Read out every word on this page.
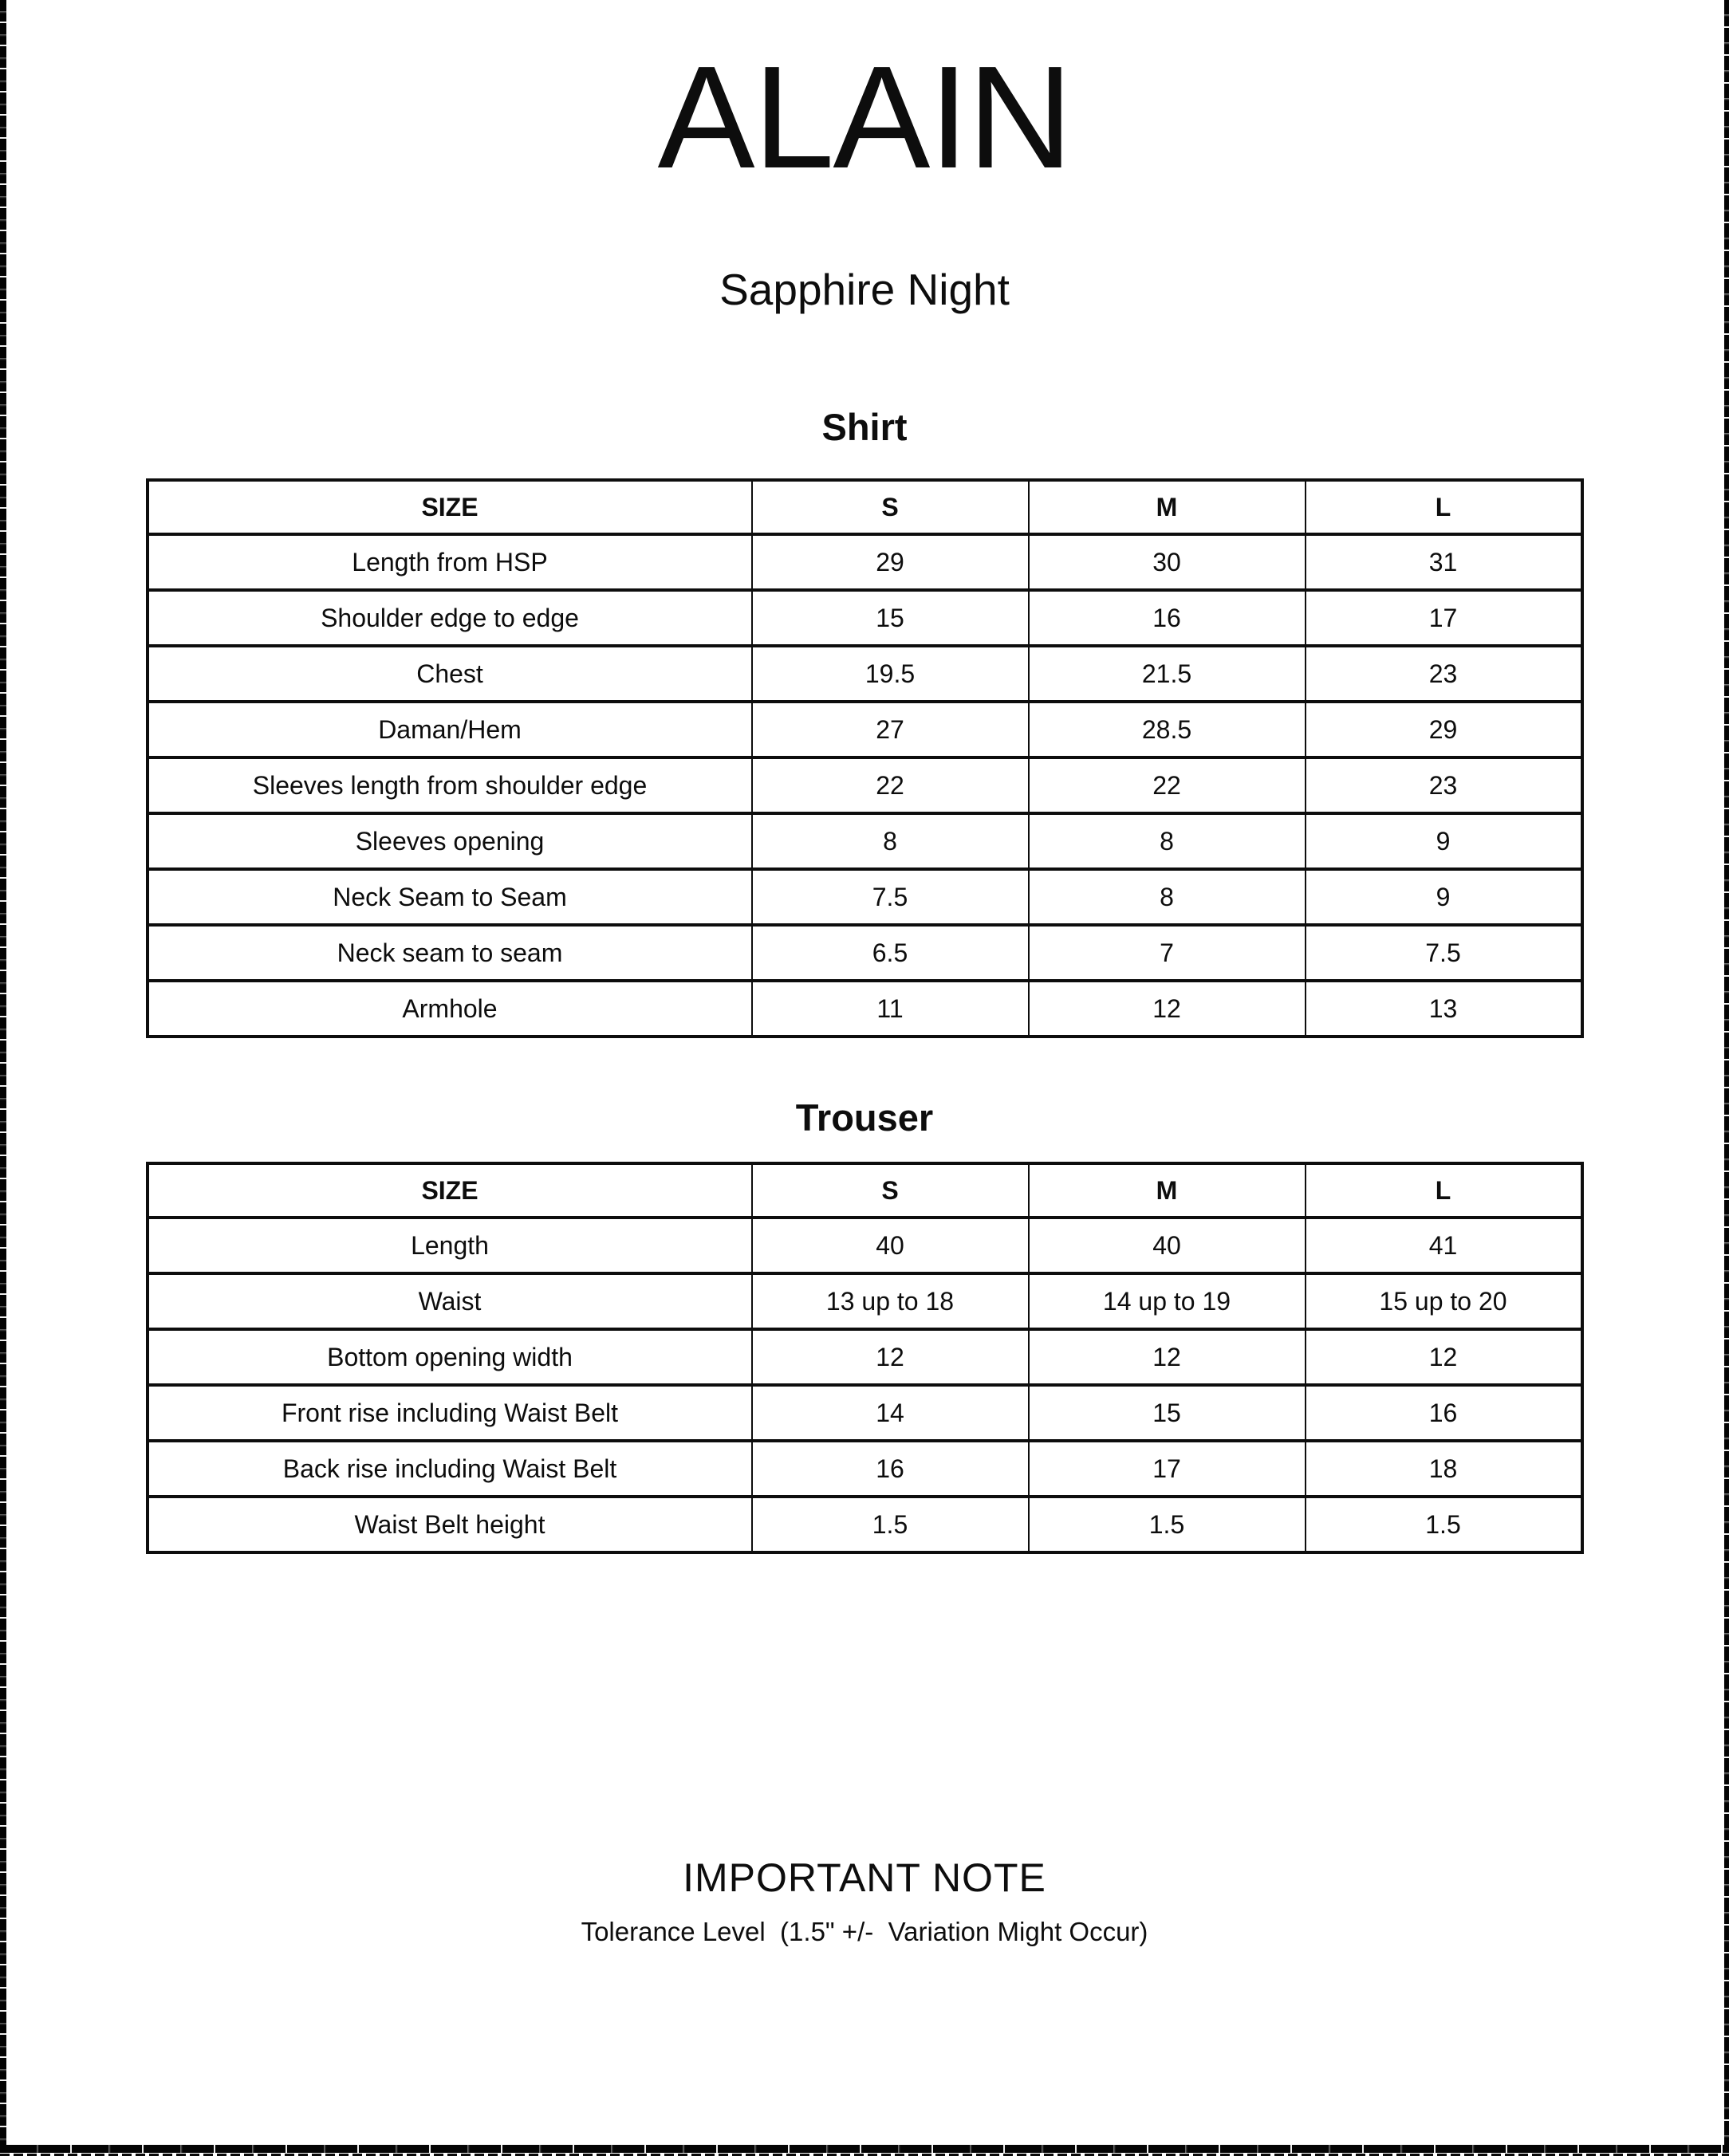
ALAIN
Sapphire Night
Shirt
SIZE	S	M	L
Length from HSP	29	30	31
Shoulder edge to edge	15	16	17
Chest	19.5	21.5	23
Daman/Hem	27	28.5	29
Sleeves length from shoulder edge	22	22	23
Sleeves opening	8	8	9
Neck Seam to Seam	7.5	8	9
Neck seam to seam	6.5	7	7.5
Armhole	11	12	13
Trouser
SIZE	S	M	L
Length	40	40	41
Waist	13 up to 18	14 up to 19	15 up to 20
Bottom opening width	12	12	12
Front rise including Waist Belt	14	15	16
Back rise including Waist Belt	16	17	18
Waist Belt height	1.5	1.5	1.5
IMPORTANT NOTE
Tolerance Level  (1.5" +/-  Variation Might Occur)
